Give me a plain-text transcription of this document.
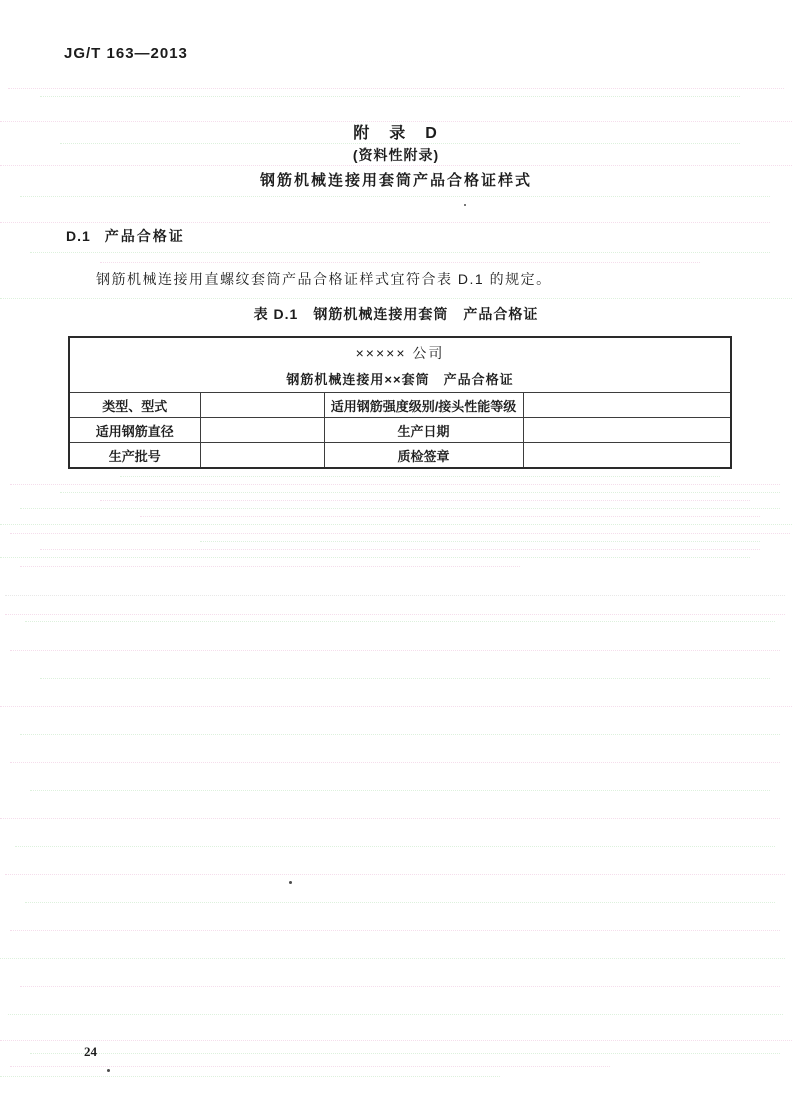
JG/T 163—2013
附　录　D
(资料性附录)
钢筋机械连接用套筒产品合格证样式
D.1 产品合格证
钢筋机械连接用直螺纹套筒产品合格证样式宜符合表 D.1 的规定。
表 D.1　钢筋机械连接用套筒　产品合格证
××××× 公司
钢筋机械连接用××套筒　产品合格证			

类型、型式		适用钢筋强度级别/接头性能等级	
适用钢筋直径		生产日期	
生产批号		质检签章	
24
